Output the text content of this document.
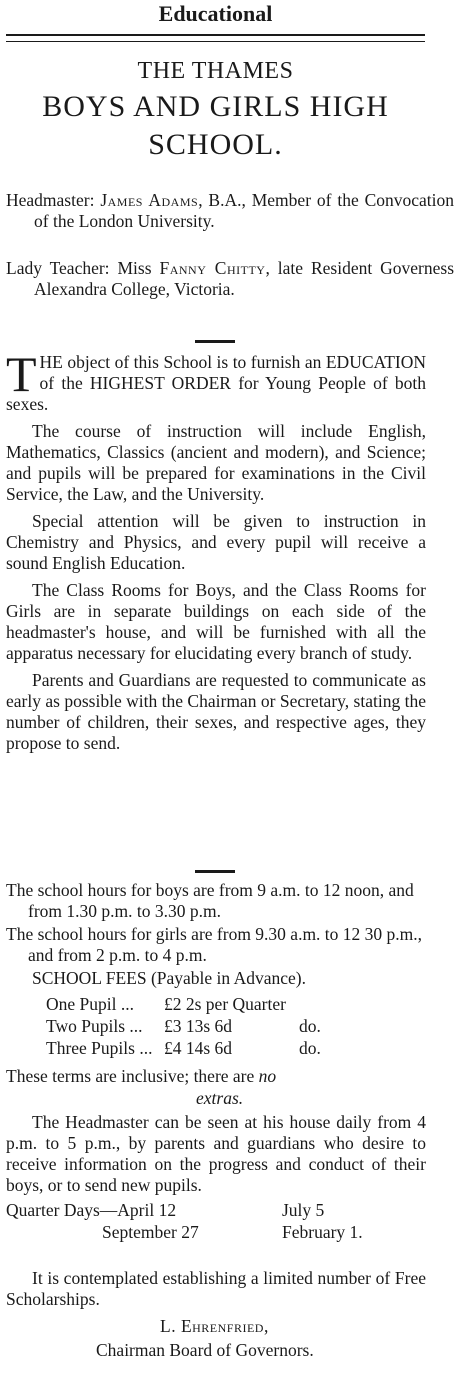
Educational
THE THAMES
BOYS AND GIRLS HIGH
SCHOOL.
Headmaster: James Adams, B.A., Member of the Convocation of the London University.
Lady Teacher: Miss Fanny Chitty, late Resident Governess Alexandra College, Victoria.

THE object of this School is to furnish an EDUCATION of the HIGHEST ORDER for Young People of both sexes.

The course of instruction will include English, Mathematics, Classics (ancient and modern), and Science; and pupils will be prepared for examinations in the Civil Service, the Law, and the University.

Special attention will be given to instruction in Chemistry and Physics, and every pupil will receive a sound English Education.

The Class Rooms for Boys, and the Class Rooms for Girls are in separate buildings on each side of the headmaster's house, and will be furnished with all the apparatus necessary for elucidating every branch of study.

Parents and Guardians are requested to communicate as early as possible with the Chairman or Secretary, stating the number of children, their sexes, and respective ages, they propose to send.

The school hours for boys are from 9 a.m. to 12 noon, and from 1.30 p.m. to 3.30 p.m.
The school hours for girls are from 9.30 a.m. to 12 30 p.m., and from 2 p.m. to 4 p.m.
SCHOOL FEES (Payable in Advance).
One Pupil ...	£2 2s per Quarter
Two Pupils ...	£3 13s 6d	do.
Three Pupils ... £4 14s 6d	do.
These terms are inclusive; there are no
extras.

The Headmaster can be seen at his house daily from 4 p.m. to 5 p.m., by parents and guardians who desire to receive information on the progress and conduct of their boys, or to send new pupils.

Quarter Days—April 12	July 5
September 27	February 1.

It is contemplated establishing a limited number of Free Scholarships.

L. Ehrenfried,
Chairman Board of Governors.
